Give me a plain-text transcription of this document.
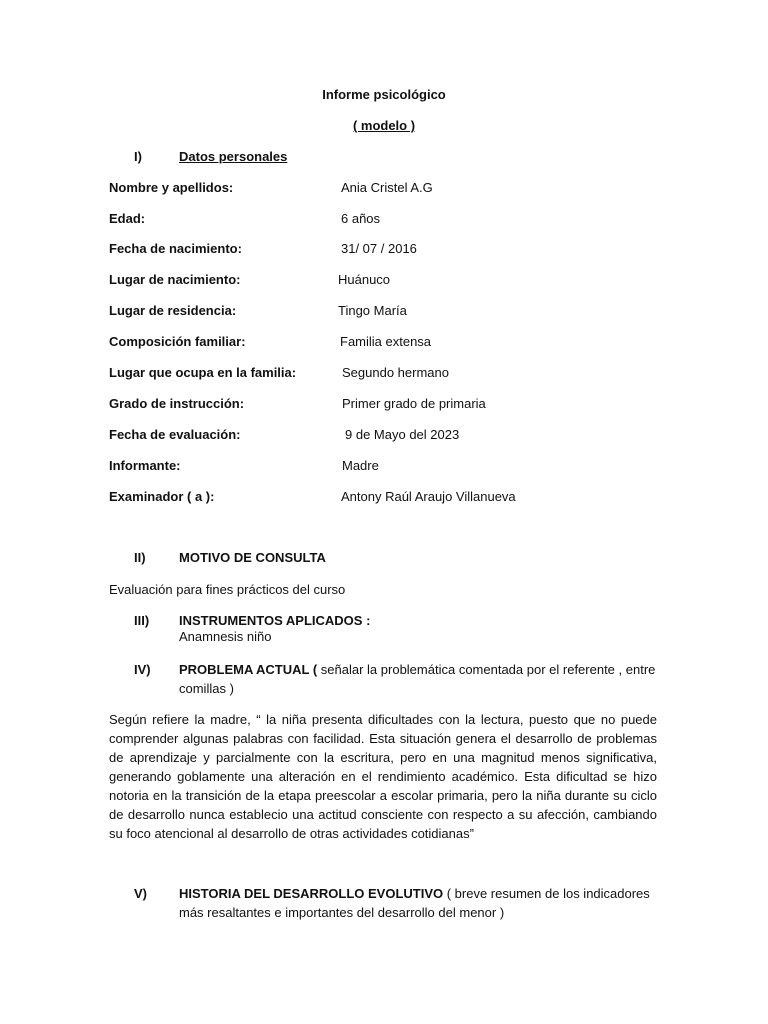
Informe psicológico
( modelo )
I)	Datos personales
Nombre y apellidos:	Ania Cristel A.G
Edad:	6 años
Fecha de nacimiento:	31/ 07 / 2016
Lugar de nacimiento:	Huánuco
Lugar de residencia:	Tingo María
Composición familiar:	Familia extensa
Lugar que ocupa en la familia:	Segundo hermano
Grado de instrucción:	Primer grado de primaria
Fecha de evaluación:	9 de Mayo del 2023
Informante:	Madre
Examinador ( a ):	Antony Raúl Araujo Villanueva
II)	MOTIVO DE CONSULTA
Evaluación para fines prácticos del curso
III) INSTRUMENTOS APLICADOS :
Anamnesis niño
IV) PROBLEMA ACTUAL ( señalar la problemática comentada por el referente , entre comillas )
Según refiere la madre, “ la niña presenta dificultades con la lectura, puesto que no puede comprender algunas palabras con facilidad. Esta situación genera el desarrollo de problemas de aprendizaje y parcialmente con la escritura, pero en una magnitud menos significativa, generando goblamente una alteración en el rendimiento académico. Esta dificultad se hizo notoria en la transición de la etapa preescolar a escolar primaria, pero la niña durante su ciclo de desarrollo nunca establecio una actitud consciente con respecto a su afección, cambiando su foco atencional al desarrollo de otras actividades cotidianas”
V) HISTORIA DEL DESARROLLO EVOLUTIVO ( breve resumen de los indicadores más resaltantes e importantes del desarrollo del menor )
